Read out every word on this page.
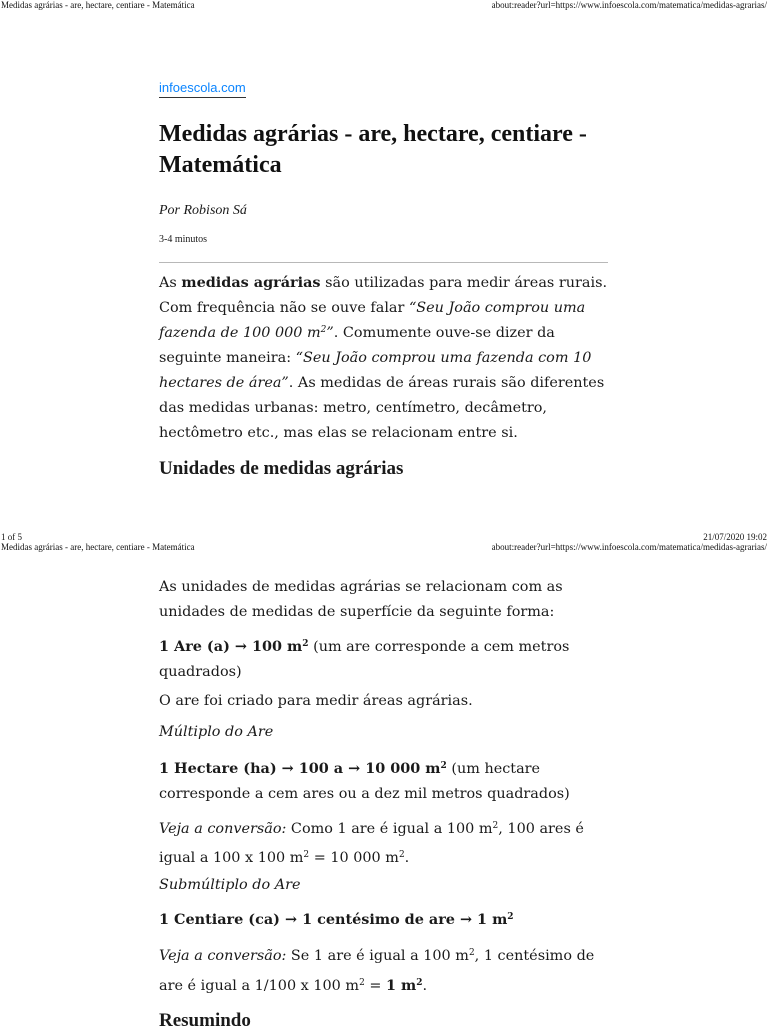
Medidas agrárias - are, hectare, centiare - Matemática	about:reader?url=https://www.infoescola.com/matematica/medidas-agrarias/
infoescola.com
Medidas agrárias - are, hectare, centiare - Matemática
Por Robison Sá
3-4 minutos

As medidas agrárias são utilizadas para medir áreas rurais. Com frequência não se ouve falar “Seu João comprou uma fazenda de 100 000 $m^2$”. Comumente ouve-se dizer da seguinte maneira: “Seu João comprou uma fazenda com 10 hectares de área”. As medidas de áreas rurais são diferentes das medidas urbanas: metro, centímetro, decâmetro, hectômetro etc., mas elas se relacionam entre si.

Unidades de medidas agrárias
1 of 5	21/07/2020 19:02
Medidas agrárias - are, hectare, centiare - Matemática	about:reader?url=https://www.infoescola.com/matematica/medidas-agrarias/

As unidades de medidas agrárias se relacionam com as unidades de medidas de superfície da seguinte forma:

1 Are (a) → 100 $m^2$ (um are corresponde a cem metros quadrados)

O are foi criado para medir áreas agrárias.

Múltiplo do Are

1 Hectare (ha) → 100 a → 10 000 $m^2$ (um hectare corresponde a cem ares ou a dez mil metros quadrados)

Veja a conversão: Como 1 are é igual a 100 $m^2$, 100 ares é igual a 100 x 100 $m^2 = 10$ 000 $m^2$.

Submúltiplo do Are

1 Centiare (ca) → 1 centésimo de are → 1 $m^2$

Veja a conversão: Se 1 are é igual a 100 $m^2$, 1 centésimo de are é igual a 1/100 x 100 $m^2 = 1$ $m^2$.

Resumindo
